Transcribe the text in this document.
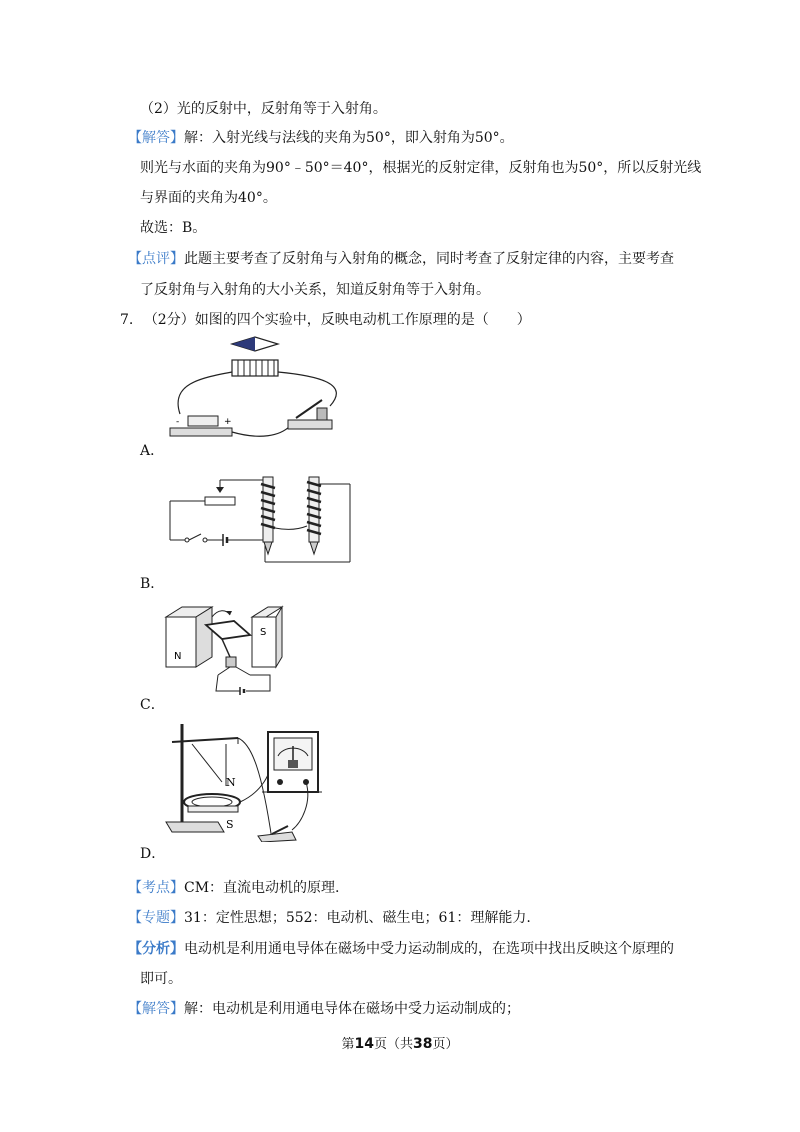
（2）光的反射中，反射角等于入射角。
【解答】解：入射光线与法线的夹角为50°，即入射角为50°。
则光与水面的夹角为90°﹣50°＝40°，根据光的反射定律，反射角也为50°，所以反射光线
与界面的夹角为40°。
故选：B。
【点评】此题主要考查了反射角与入射角的概念，同时考查了反射定律的内容，主要考查
了反射角与入射角的大小关系，知道反射角等于入射角。
7. （2分）如图的四个实验中，反映电动机工作原理的是（　　）
-	+
A．
B．
N
S
C．
N
S
D．
【考点】CM：直流电动机的原理.
【专题】31：定性思想；552：电动机、磁生电；61：理解能力.
【分析】电动机是利用通电导体在磁场中受力运动制成的，在选项中找出反映这个原理的
即可。
【解答】解：电动机是利用通电导体在磁场中受力运动制成的；
第14页（共38页）
